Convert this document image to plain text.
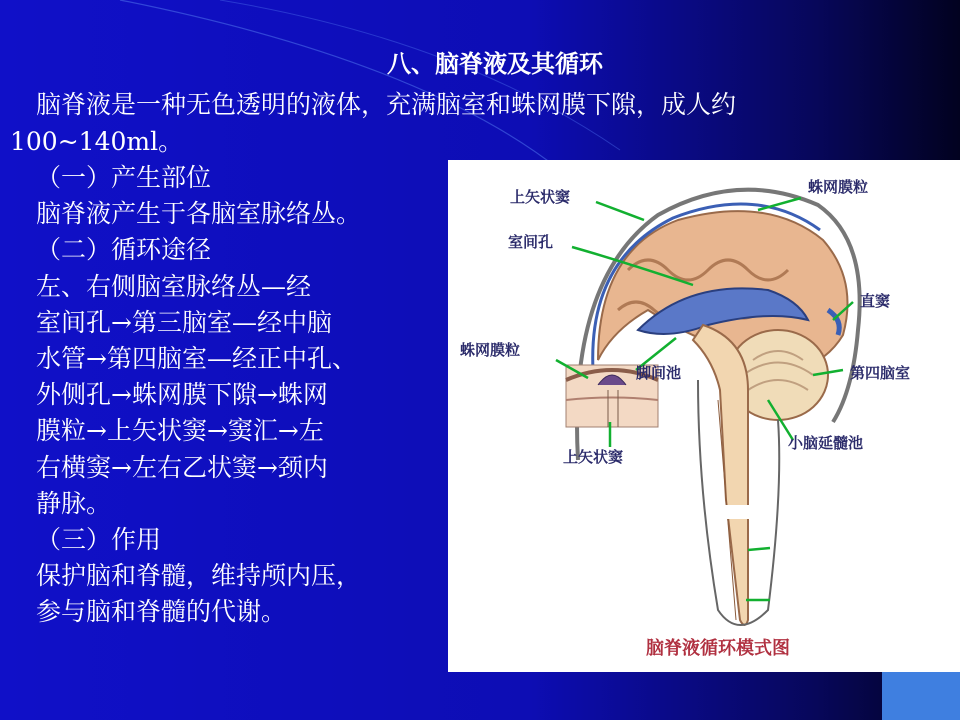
八、脑脊液及其循环
脑脊液是一种无色透明的液体，充满脑室和蛛网膜下隙，成人约
100~140ml。
（一）产生部位
脑脊液产生于各脑室脉络丛。
（二）循环途径
左、右侧脑室脉络丛—经
室间孔→第三脑室—经中脑
水管→第四脑室—经正中孔、
外侧孔→蛛网膜下隙→蛛网
膜粒→上矢状窦→窦汇→左
右横窦→左右乙状窦→颈内
静脉。
（三）作用
保护脑和脊髓，维持颅内压，
参与脑和脊髓的代谢。
上矢状窦
蛛网膜粒
室间孔
直窦
蛛网膜粒
脚间池	第四脑室
小脑延髓池
上矢状窦
脑脊液循环模式图
